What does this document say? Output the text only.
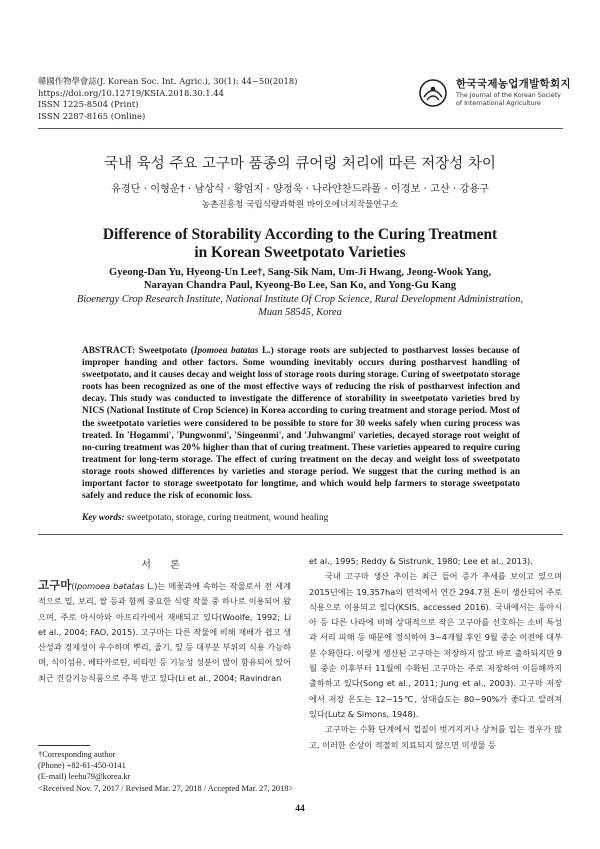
韓國作物學會誌(J. Korean Soc. Int. Agric.), 30(1): 44~50(2018)
https://doi.org/10.12719/KSIA.2018.30.1.44
ISSN 1225-8504 (Print)
ISSN 2287-8165 (Online)
한국국제농업개발학회지
The Journal of the Korean Society
of International Agriculture
국내 육성 주요 고구마 품종의 큐어링 처리에 따른 저장성 차이
유경단 · 이형운† · 남상식 · 황엄지 · 양정욱 · 나라얀찬드라폴 · 이경보 · 고산 · 강용구
농촌진흥청 국립식량과학원 바이오에너지작물연구소
Difference of Storability According to the Curing Treatment
in Korean Sweetpotato Varieties
Gyeong-Dan Yu, Hyeong-Un Lee†, Sang-Sik Nam, Um-Ji Hwang, Jeong-Wook Yang,
Narayan Chandra Paul, Kyeong-Bo Lee, San Ko, and Yong-Gu Kang
Bioenergy Crop Research Institute, National Institute Of Crop Science, Rural Development Administration,
Muan 58545, Korea
ABSTRACT: Sweetpotato (Ipomoea batatas L.) storage roots are subjected to postharvest losses because of improper handing and other factors. Some wounding inevitably occurs during postharvest handling of sweetpotato, and it causes decay and weight loss of storage roots during storage. Curing of sweetpotato storage roots has been recognized as one of the most effective ways of reducing the risk of postharvest infection and decay. This study was conducted to investigate the difference of storability in sweetpotato varieties bred by NICS (National Institute of Crop Science) in Korea according to curing treatment and storage period. Most of the sweetpotato varieties were considered to be possible to store for 30 weeks safely when curing process was treated. In 'Hogammi', 'Pungwonmi', 'Singeonmi', and 'Juhwangmi' varieties, decayed storage root weight of no-curing treatment was 20% higher than that of curing treatment. These varieties appeared to require curing treatment for long-term storage. The effect of curing treatment on the decay and weight loss of sweetpotato storage roots showed differences by varieties and storage period. We suggest that the curing method is an important factor to storage sweetpotato for longtime, and which would help farmers to storage sweetpotato safely and reduce the risk of economic loss.
Key words: sweetpotato, storage, curing treatment, wound healing
서 론

고구마(Ipomoea batatas L.)는 메꽃과에 속하는 작물로서 전 세계적으로 밀, 보리, 쌀 등과 함께 중요한 식량 작물 중 하나로 이용되어 왔으며, 주로 아시아와 아프리카에서 재배되고 있다(Woolfe, 1992; Li et al., 2004; FAO, 2015). 고구마는 다른 작물에 비해 재배가 쉽고 생산성과 경제성이 우수하며 뿌리, 줄기, 잎 등 대부분 부위의 식용 가능하며, 식이섬유, 베타카로틴, 비타민 등 기능성 성분이 많이 함유되어 있어 최근 건강기능식품으로 주목 받고 있다(Li et al., 2004; Ravindran

et al., 1995; Reddy & Sistrunk, 1980; Lee et al., 2013).

국내 고구마 생산 추이는 최근 들어 증가 추세를 보이고 있으며 2015년에는 19,357ha의 면적에서 연간 294.7천 톤이 생산되어 주로 식용으로 이용되고 있다(KSIS, accessed 2016). 국내에서는 동아시아 등 다른 나라에 비해 상대적으로 작은 고구마를 선호하는 소비 특성과 서리 피해 등 때문에 정식하여 3~4개월 후인 9월 중순 이전에 대부분 수확한다. 이렇게 생산된 고구마는 저장하지 않고 바로 출하되지만 9월 중순 이후부터 11월에 수확된 고구마는 주로 저장하여 이듬해까지 출하하고 있다(Song et al., 2011; Jung et al., 2003). 고구마 저장에서 저장 온도는 12~15℃, 상대습도는 80~90%가 좋다고 알려져 있다(Lutz & Simons, 1948).

고구마는 수확 단계에서 껍질이 벗겨지거나 상처를 입는 경우가 많고, 이러한 손상이 적절히 치료되지 않으면 미생물 등

†Corresponding author
(Phone) +82-61-450-0141
(E-mail) leehu79@korea.kr
<Received Nov. 7, 2017 / Revised Mar. 27, 2018 / Accepted Mar. 27, 2018>
44
